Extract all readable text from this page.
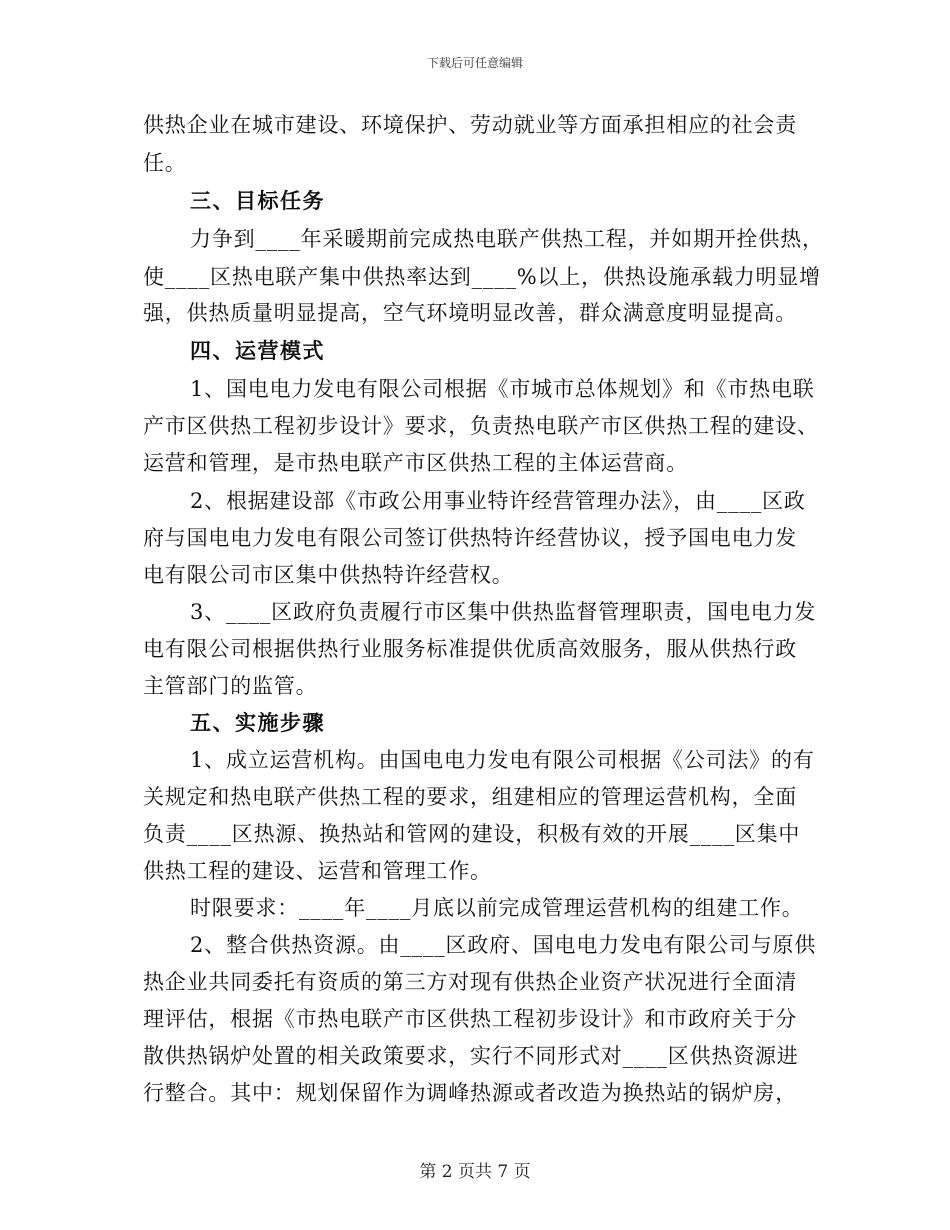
下载后可任意编辑

供热企业在城市建设、环境保护、劳动就业等方面承担相应的社会责

任。

三、目标任务

力争到____年采暖期前完成热电联产供热工程，并如期开拴供热，

使____区热电联产集中供热率达到____%以上，供热设施承载力明显增

强，供热质量明显提高，空气环境明显改善，群众满意度明显提高。

四、运营模式

1、国电电力发电有限公司根据《市城市总体规划》和《市热电联

产市区供热工程初步设计》要求，负责热电联产市区供热工程的建设、

运营和管理，是市热电联产市区供热工程的主体运营商。

2、根据建设部《市政公用事业特许经营管理办法》，由____区政

府与国电电力发电有限公司签订供热特许经营协议，授予国电电力发

电有限公司市区集中供热特许经营权。

3、____区政府负责履行市区集中供热监督管理职责，国电电力发

电有限公司根据供热行业服务标准提供优质高效服务，服从供热行政

主管部门的监管。

五、实施步骤

1、成立运营机构。由国电电力发电有限公司根据《公司法》的有

关规定和热电联产供热工程的要求，组建相应的管理运营机构，全面

负责____区热源、换热站和管网的建设，积极有效的开展____区集中

供热工程的建设、运营和管理工作。

时限要求：____年____月底以前完成管理运营机构的组建工作。

2、整合供热资源。由____区政府、国电电力发电有限公司与原供

热企业共同委托有资质的第三方对现有供热企业资产状况进行全面清

理评估，根据《市热电联产市区供热工程初步设计》和市政府关于分

散供热锅炉处置的相关政策要求，实行不同形式对____区供热资源进

行整合。其中：规划保留作为调峰热源或者改造为换热站的锅炉房，

第 2 页共 7 页
